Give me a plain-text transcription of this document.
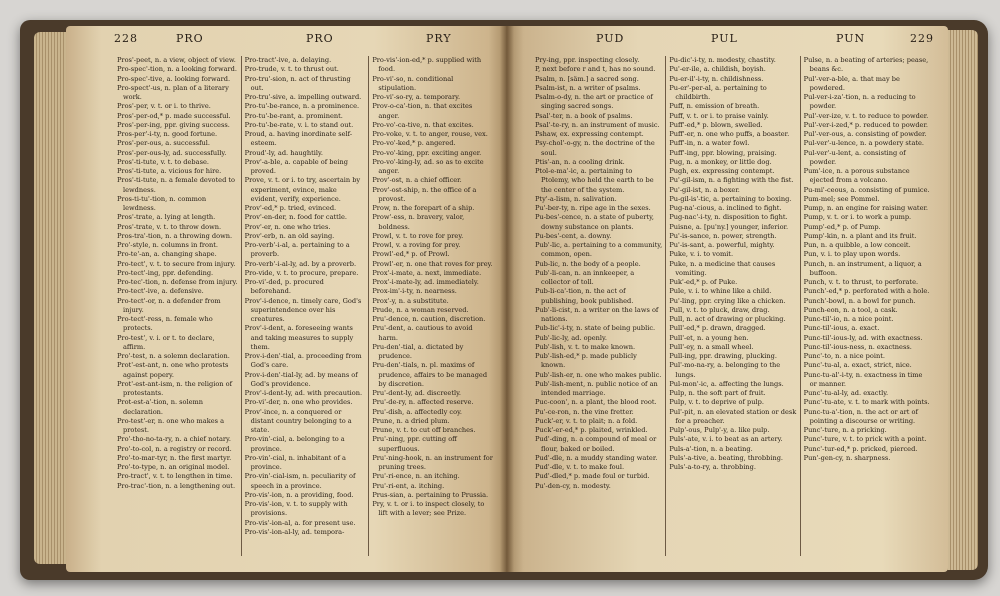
228	PRO	PRO	PRY
Pros'-peet, n. a view, object of view.
Pro-spec'-tion, n. a looking forward.
Pro-spec'-tive, a. looking forward.
Pro-spect'-us, n. plan of a literary work.
Pros'-per, v. t. or i. to thrive.
Pros'-per-od,* p. made successful.
Pros'-per-ing, ppr. giving success.
Pros-per'-i-ty, n. good fortune.
Pros'-per-ous, a. successful.
Pros'-per-ous-ly, ad. successfully.
Pros'-ti-tute, v. t. to debase.
Pros'-ti-tute, a. vicious for hire.
Pros'-ti-tute, n. a female devoted to lewdness.
Pros-ti-tu'-tion, n. common lewdness.
Pros'-trate, a. lying at length.
Pros'-trate, v. t. to throw down.
Pros-tra'-tion, n. a throwing down.
Pro'-style, n. columns in front.
Pro-te'-an, a. changing shape.
Pro-tect', v. t. to secure from injury.
Pro-tect'-ing, ppr. defending.
Pro-tec'-tion, n. defense from injury.
Pro-tect'-ive, a. defensive.
Pro-tect'-or, n. a defender from injury.
Pro-tect'-ress, n. female who protects.
Pro-test', v. i. or t. to declare, affirm.
Pro'-test, n. a solemn declaration.
Prot'-est-ant, n. one who protests against popery.
Prot'-est-ant-ism, n. the religion of protestants.
Prot-est-a'-tion, n. solemn declaration.
Pro-test'-er, n. one who makes a protest.
Pro'-tho-no-ta-ry, n. a chief notary.
Pro'-to-col, n. a registry or record.
Pro'-to-mar-tyr, n. the first martyr.
Pro'-to-type, n. an original model.
Pro-tract', v. t. to lengthen in time.
Pro-trac'-tion, n. a lengthening out.
Pro-tract'-ive, a. delaying.
Pro-trude, v. t. to thrust out.
Pro-tru'-sion, n. act of thrusting out.
Pro-tru'-sive, a. impelling outward.
Pro-tu'-be-rance, n. a prominence.
Pro-tu'-be-rant, a. prominent.
Pro-tu'-be-rate, v. i. to stand out.
Proud, a. having inordinate self-esteem.
Proud'-ly, ad. haughtily.
Prov'-a-ble, a. capable of being proved.
Prove, v. t. or i. to try, ascertain by experiment, evince, make evident, verify, experience.
Prov'-ed,* p. tried, evinced.
Prov'-en-der, n. food for cattle.
Prov'-er, n. one who tries.
Prov'-erb, n. an old saying.
Pro-verb'-i-al, a. pertaining to a proverb.
Pro-verb'-i-al-ly, ad. by a proverb.
Pro-vide, v. t. to procure, prepare.
Pro-vi'-ded, p. procured beforehand.
Prov'-i-dence, n. timely care, God's superintendence over his creatures.
Prov'-i-dent, a. foreseeing wants and taking measures to supply them.
Prov-i-den'-tial, a. proceeding from God's care.
Prov-i-den'-tial-ly, ad. by means of God's providence.
Prov'-i-dent-ly, ad. with precaution.
Pro-vi'-der, n. one who provides.
Prov'-ince, n. a conquered or distant country belonging to a state.
Pro-vin'-cial, a. belonging to a province.
Pro-vin'-cial, n. inhabitant of a province.
Pro-vin'-cial-ism, n. peculiarity of speech in a province.
Pro-vis'-ion, n. a providing, food.
Pro-vis'-ion, v. t. to supply with provisions.
Pro-vis'-ion-al, a. for present use.
Pro-vis'-ion-al-ly, ad. tempora-
Pro-vis'-ion-ed,* p. supplied with food.
Pro-vi'-so, n. conditional stipulation.
Pro-vi'-so-ry, a. temporary.
Prov-o-ca'-tion, n. that excites anger.
Pro-vo'-ca-tive, n. that excites.
Pro-voke, v. t. to anger, rouse, vex.
Pro-vo'-ked,* p. angered.
Pro-vo'-king, ppr. exciting anger.
Pro-vo'-king-ly, ad. so as to excite anger.
Prov'-ost, n. a chief officer.
Prov'-ost-ship, n. the office of a provost.
Prow, n. the forepart of a ship.
Prow'-ess, n. bravery, valor, boldness.
Prowl, v. t. to rove for prey.
Prowl, v. a roving for prey.
Prowl'-ed,* p. of Prowl.
Prowl'-er, n. one that roves for prey.
Prox'-i-mate, a. next, immediate.
Prox'-i-mate-ly, ad. immediately.
Prox-im'-i-ty, n. nearness.
Prox'-y, n. a substitute.
Prude, n. a woman reserved.
Pru'-dence, n. caution, discretion.
Pru'-dent, a. cautious to avoid harm.
Pru-den'-tial, a. dictated by prudence.
Pru-den'-tials, n. pl. maxims of prudence, affairs to be managed by discretion.
Pru'-dent-ly, ad. discreetly.
Pru'-de-ry, n. affected reserve.
Pru'-dish, a. affectedly coy.
Prune, n. a dried plum.
Prune, v. t. to cut off branches.
Pru'-ning, ppr. cutting off superfluous.
Pru'-ning-hook, n. an instrument for pruning trees.
Pru'-ri-ence, n. an itching.
Pru'-ri-ent, a. itching.
Prus-sian, a. pertaining to Prussia.
Pry, v. t. or i. to inspect closely, to lift with a lever; see Prize.
PUD	PUL	PUN	229
Pry-ing, ppr. inspecting closely.
P, next before r and t, has no sound.
Psalm, n. [säm.] a sacred song.
Psalm-ist, n. a writer of psalms.
Psalm-o-dy, n. the art or practice of singing sacred songs.
Psal'-ter, n. a book of psalms.
Psal'-te-ry, n. an instrument of music.
Pshaw, ex. expressing contempt.
Psy-chol'-o-gy, n. the doctrine of the soul.
Ptis'-an, n. a cooling drink.
Ptol-e-ma'-ic, a. pertaining to Ptolemy, who held the earth to be the center of the system.
Pty'-a-lism, n. salivation.
Pu'-ber-ty, n. ripe age in the sexes.
Pu-bes'-cence, n. a state of puberty, downy substance on plants.
Pu-bes'-cent, a. downy.
Pub'-lic, a. pertaining to a community, common, open.
Pub-lic, n. the body of a people.
Pub'-li-can, n. an innkeeper, a collector of toll.
Pub-li-ca'-tion, n. the act of publishing, book published.
Pub'-li-cist, n. a writer on the laws of nations.
Pub-lic'-i-ty, n. state of being public.
Pub'-lic-ly, ad. openly.
Pub'-lish, v. t. to make known.
Pub'-lish-ed,* p. made publicly known.
Pub'-lish-er, n. one who makes public.
Pub'-lish-ment, n. public notice of an intended marriage.
Puc-coon', n. a plant, the blood root.
Pu'-ce-ron, n. the vine fretter.
Puck'-er, v. t. to plait; n. a fold.
Puck'-er-ed,* p. plaited, wrinkled.
Pud'-ding, n. a compound of meal or flour, baked or boiled.
Pud'-dle, n. a muddy standing water.
Pud'-dle, v. t. to make foul.
Pud'-dled,* p. made foul or turbid.
Pu'-den-cy, n. modesty.
Pu-dic'-i-ty, n. modesty, chastity.
Pu'-er-ile, a. childish, boyish.
Pu-er-il'-i-ty, n. childishness.
Pu-er'-per-al, a. pertaining to childbirth.
Puff, n. emission of breath.
Puff, v. t. or i. to praise vainly.
Puff'-ed,* p. blown, swelled.
Puff'-er, n. one who puffs, a boaster.
Puff'-in, n. a water fowl.
Puff'-ing, ppr. blowing, praising.
Pug, n. a monkey, or little dog.
Pugh, ex. expressing contempt.
Pu'-gil-ism, n. a fighting with the fist.
Pu'-gil-ist, n. a boxer.
Pu-gil-is'-tic, a. pertaining to boxing.
Pug-na'-cious, a. inclined to fight.
Pug-nac'-i-ty, n. disposition to fight.
Puisne, a. [pu'ny.] younger, inferior.
Pu'-is-sance, n. power, strength.
Pu'-is-sant, a. powerful, mighty.
Puke, v. i. to vomit.
Puke, n. a medicine that causes vomiting.
Puk'-ed,* p. of Puke.
Pule, v. i. to whine like a child.
Pu'-ling, ppr. crying like a chicken.
Pull, v. t. to pluck, draw, drag.
Pull, n. act of drawing or plucking.
Pull'-ed,* p. drawn, dragged.
Pull'-et, n. a young hen.
Pull'-ey, n. a small wheel.
Pull-ing, ppr. drawing, plucking.
Pul'-mo-na-ry, a. belonging to the lungs.
Pul-mon'-ic, a. affecting the lungs.
Pulp, n. the soft part of fruit.
Pulp, v. t. to deprive of pulp.
Pul'-pit, n. an elevated station or desk for a preacher.
Pulp'-ous, Pulp'-y, a. like pulp.
Puls'-ate, v. i. to beat as an artery.
Puls-a'-tion, n. a beating.
Puls'-a-tive, a. beating, throbbing.
Puls'-a-to-ry, a. throbbing.
Pulse, n. a beating of arteries; pease, beans &c.
Pul'-ver-a-ble, a. that may be powdered.
Pul-ver-i-za'-tion, n. a reducing to powder.
Pul'-ver-ize, v. t. to reduce to powder.
Pul'-ver-i-zed,* p. reduced to powder.
Pul'-ver-ous, a. consisting of powder.
Pul-ver'-u-lence, n. a powdery state.
Pul-ver'-u-lent, a. consisting of powder.
Pum'-ice, n. a porous substance ejected from a volcano.
Pu-mi'-ceous, a. consisting of pumice.
Pum-mel; see Pommel.
Pump, n. an engine for raising water.
Pump, v. t. or i. to work a pump.
Pump'-ed,* p. of Pump.
Pump'-kin, n. a plant and its fruit.
Pun, n. a quibble, a low conceit.
Pun, v. i. to play upon words.
Punch, n. an instrument, a liquor, a buffoon.
Punch, v. t. to thrust, to perforate.
Punch'-ed,* p. perforated with a hole.
Punch'-bowl, n. a bowl for punch.
Punch-eon, n. a tool, a cask.
Punc-til'-io, n. a nice point.
Punc-til'-ious, a. exact.
Punc-til'-ious-ly, ad. with exactness.
Punc-til'-ious-ness, n. exactness.
Punc'-to, n. a nice point.
Punc'-tu-al, a. exact, strict, nice.
Punc-tu-al'-i-ty, n. exactness in time or manner.
Punc'-tu-al-ly, ad. exactly.
Punc'-tu-ate, v. t. to mark with points.
Punc-tu-a'-tion, n. the act or art of pointing a discourse or writing.
Punc'-ture, n. a pricking.
Punc'-ture, v. t. to prick with a point.
Punc'-tur-ed,* p. pricked, pierced.
Pun'-gen-cy, n. sharpness.
